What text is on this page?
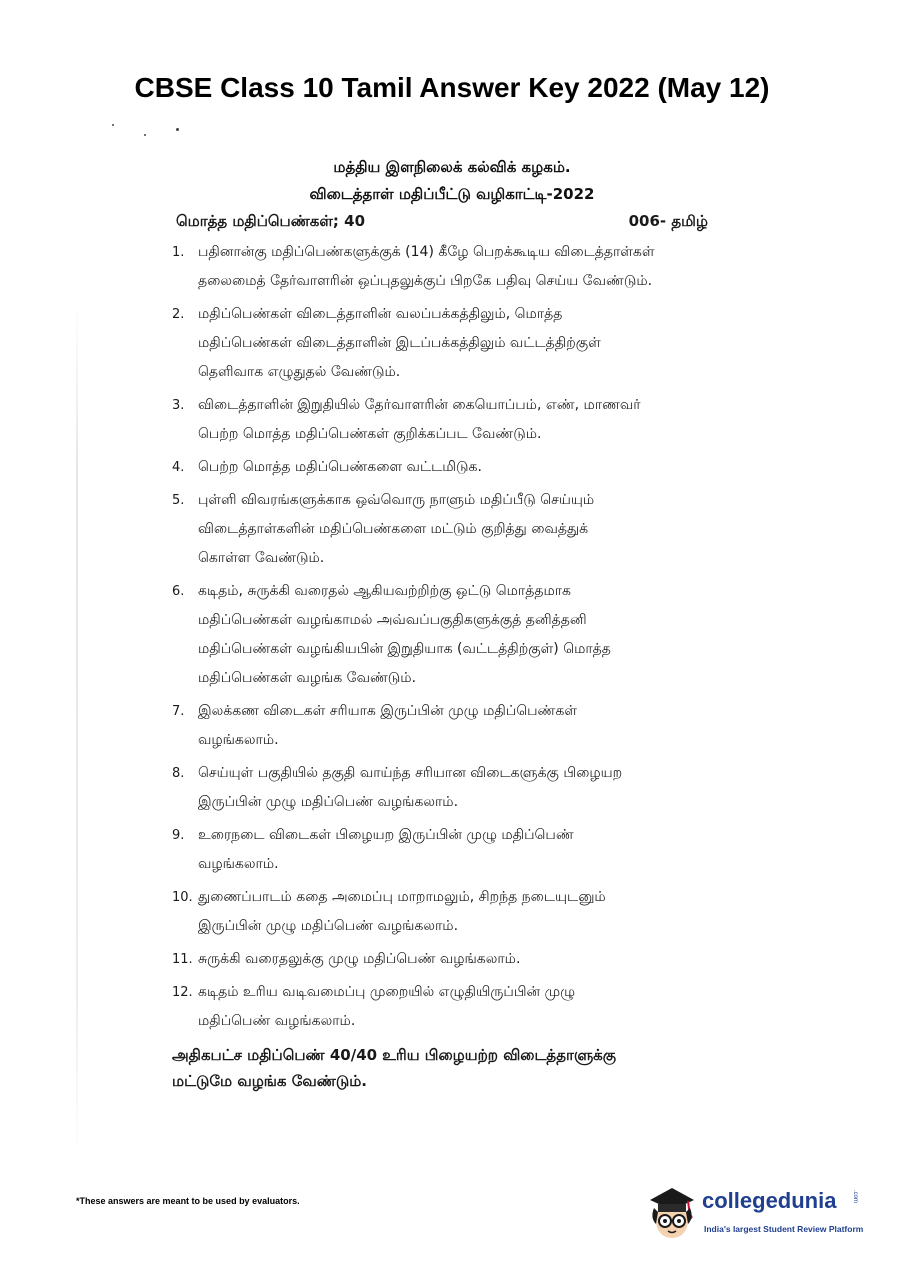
CBSE Class 10 Tamil Answer Key 2022 (May 12)
மத்திய இளநிலைக் கல்விக் கழகம்.
விடைத்தாள் மதிப்பீட்டு வழிகாட்டி-2022
மொத்த மதிப்பெண்கள்; 40	006- தமிழ்
1. பதினான்கு மதிப்பெண்களுக்குக் (14) கீழே பெறக்கூடிய விடைத்தாள்கள்
தலைமைத் தேர்வாளரின் ஒப்புதலுக்குப் பிறகே பதிவு செய்ய வேண்டும்.
2. மதிப்பெண்கள் விடைத்தாளின் வலப்பக்கத்திலும், மொத்த
மதிப்பெண்கள் விடைத்தாளின் இடப்பக்கத்திலும் வட்டத்திற்குள்
தெளிவாக எழுதுதல் வேண்டும்.
3. விடைத்தாளின் இறுதியில் தேர்வாளரின் கையொப்பம், எண், மாணவர்
பெற்ற மொத்த மதிப்பெண்கள் குறிக்கப்பட வேண்டும்.
4. பெற்ற மொத்த மதிப்பெண்களை வட்டமிடுக.
5. புள்ளி விவரங்களுக்காக ஒவ்வொரு நாளும் மதிப்பீடு செய்யும்
விடைத்தாள்களின் மதிப்பெண்களை மட்டும் குறித்து வைத்துக்
கொள்ள வேண்டும்.
6. கடிதம், சுருக்கி வரைதல் ஆகியவற்றிற்கு ஒட்டு மொத்தமாக
மதிப்பெண்கள் வழங்காமல் அவ்வப்பகுதிகளுக்குத் தனித்தனி
மதிப்பெண்கள் வழங்கியபின் இறுதியாக (வட்டத்திற்குள்) மொத்த
மதிப்பெண்கள் வழங்க வேண்டும்.
7. இலக்கண விடைகள் சரியாக இருப்பின் முழு மதிப்பெண்கள்
வழங்கலாம்.
8. செய்யுள் பகுதியில் தகுதி வாய்ந்த சரியான விடைகளுக்கு பிழையற
இருப்பின் முழு மதிப்பெண் வழங்கலாம்.
9. உரைநடை விடைகள் பிழையற இருப்பின் முழு மதிப்பெண்
வழங்கலாம்.
10. துணைப்பாடம் கதை அமைப்பு மாறாமலும், சிறந்த நடையுடனும்
இருப்பின் முழு மதிப்பெண் வழங்கலாம்.
11. சுருக்கி வரைதலுக்கு முழு மதிப்பெண் வழங்கலாம்.
12. கடிதம் உரிய வடிவமைப்பு முறையில் எழுதியிருப்பின் முழு
மதிப்பெண் வழங்கலாம்.
அதிகபட்ச மதிப்பெண் 40/40 உரிய பிழையற்ற விடைத்தாளுக்கு
மட்டுமே வழங்க வேண்டும்.
*These answers are meant to be used by evaluators.	collegedunia	.com
India's largest Student Review Platform
